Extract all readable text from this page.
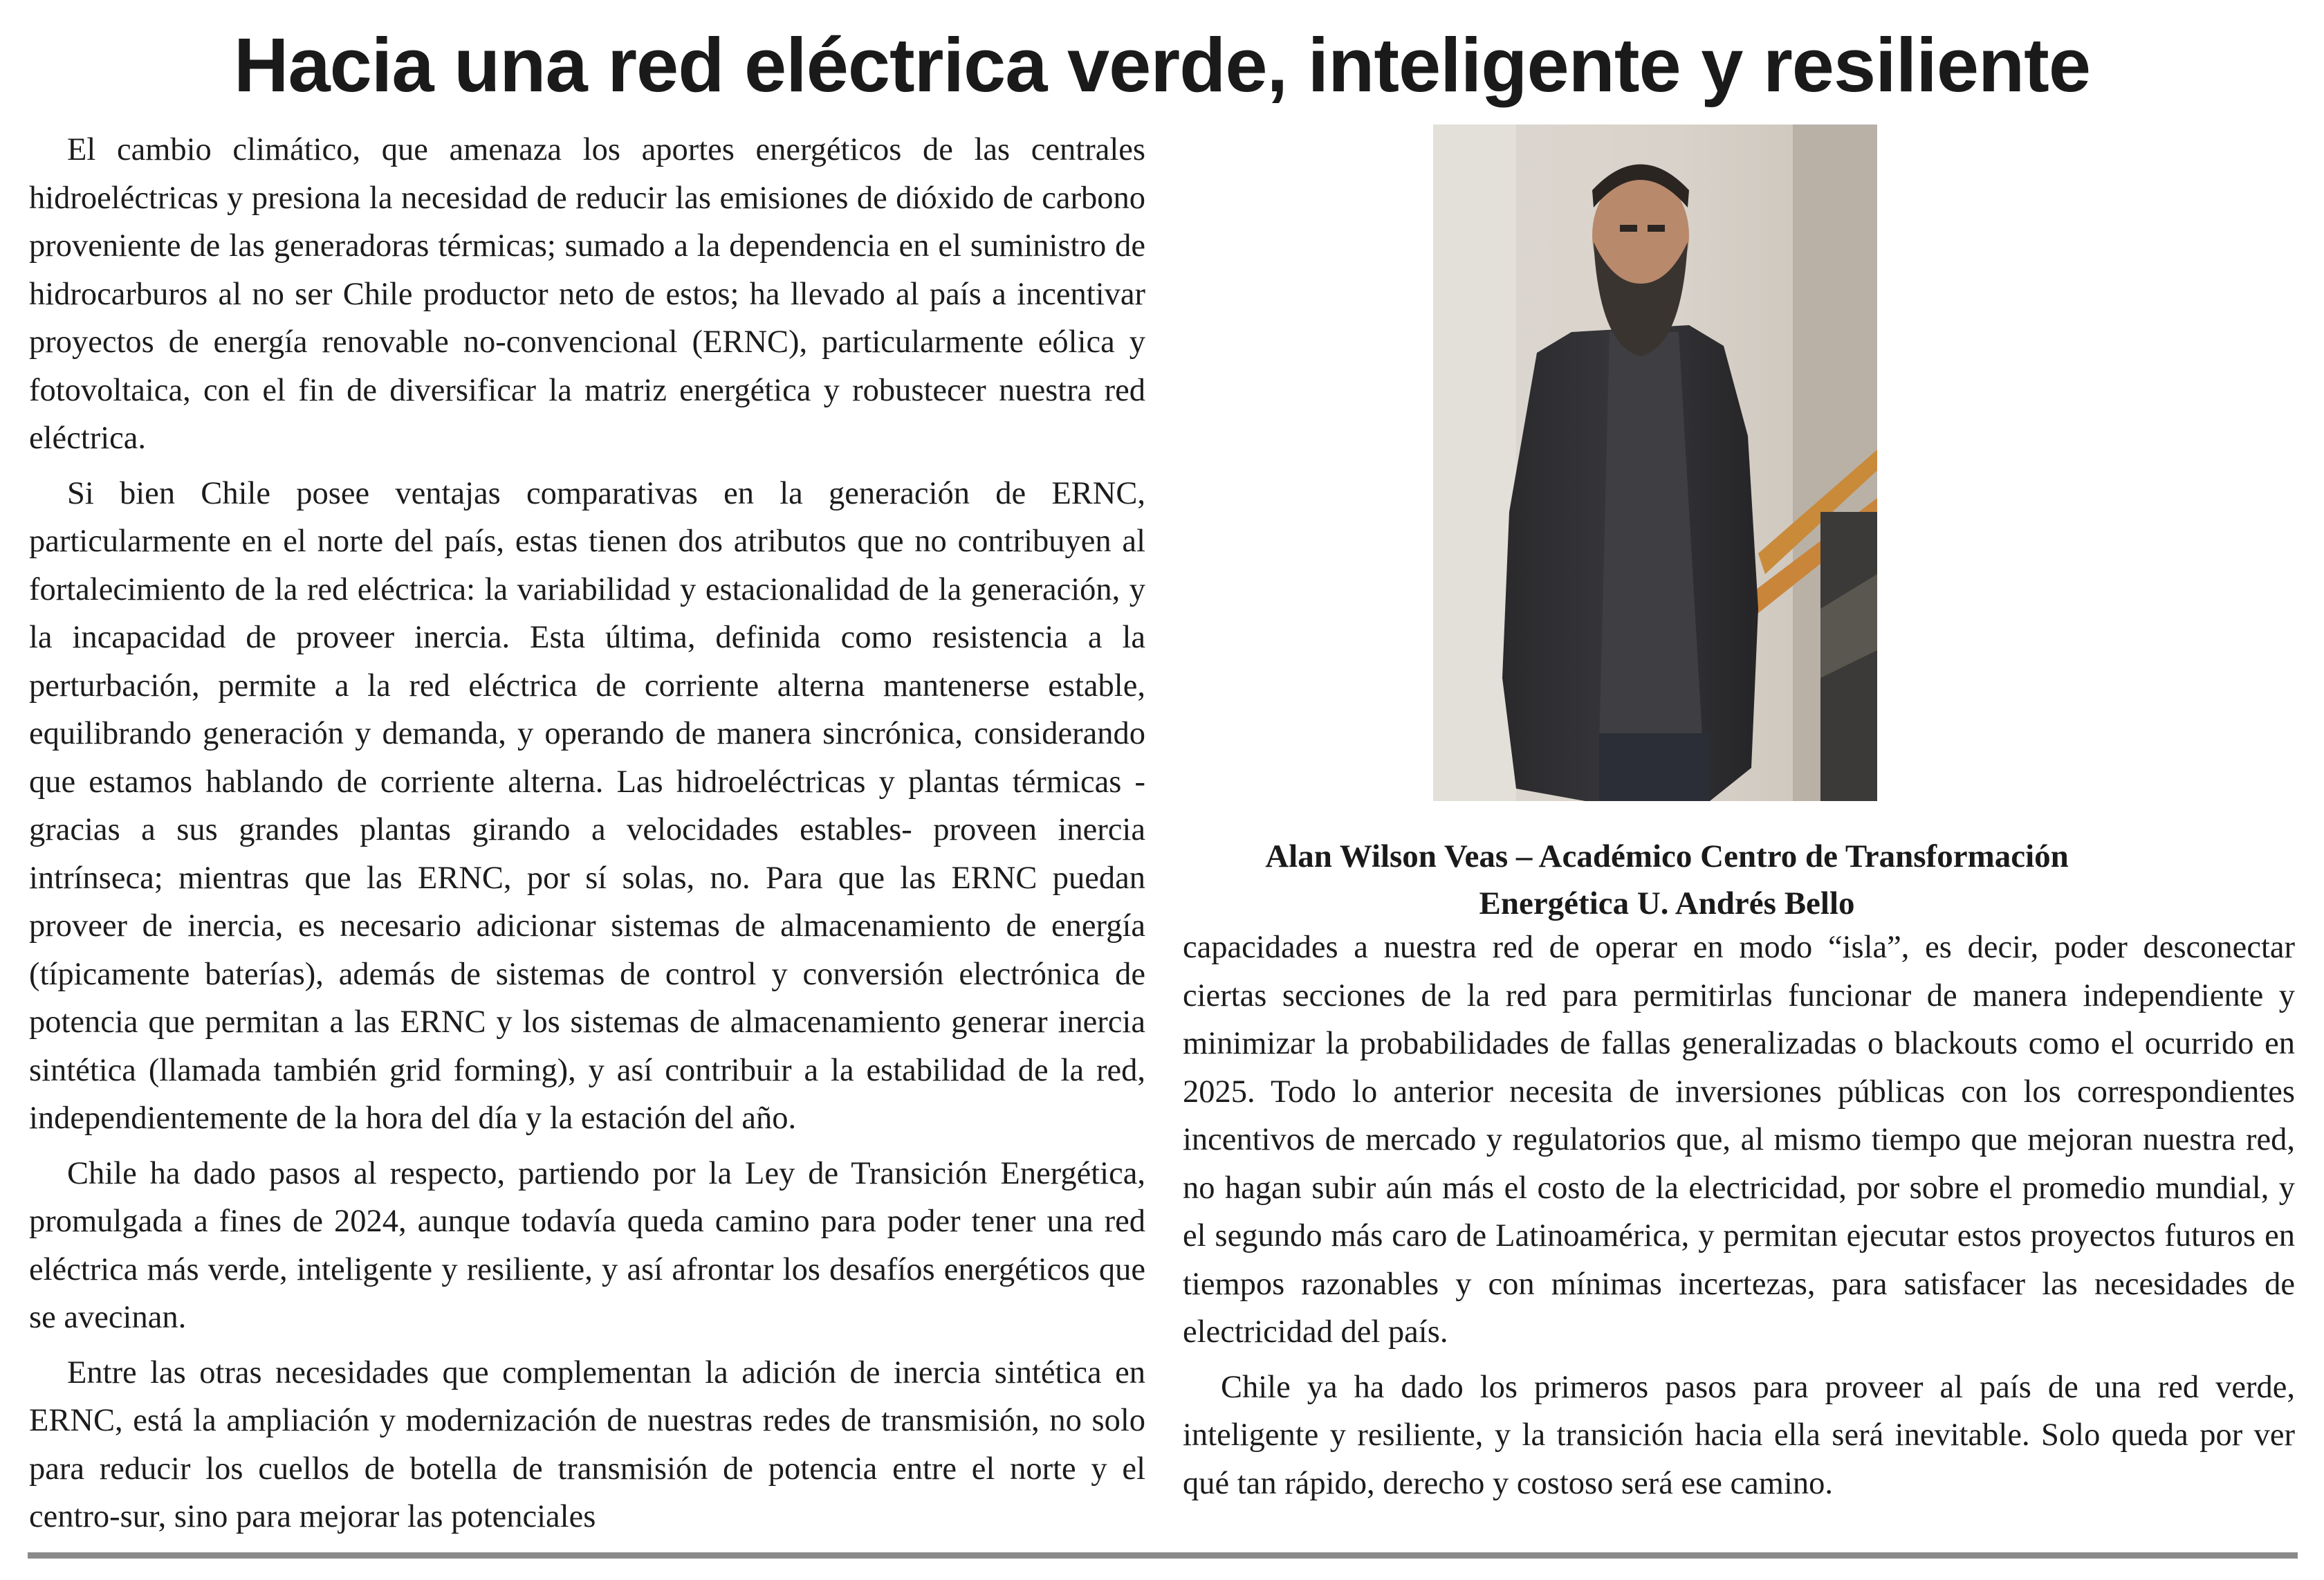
Hacia una red eléctrica verde, inteligente y resiliente

El cambio climático, que amenaza los aportes energéticos de las centrales hidroeléctricas y presiona la necesidad de reducir las emisiones de dióxido de carbono proveniente de las generadoras térmicas; sumado a la dependencia en el suministro de hidrocarburos al no ser Chile productor neto de estos; ha llevado al país a incentivar proyectos de energía renovable no-convencional (ERNC), particularmente eólica y fotovoltaica, con el fin de diversificar la matriz energética y robustecer nuestra red eléctrica.

Si bien Chile posee ventajas comparativas en la generación de ERNC, particularmente en el norte del país, estas tienen dos atributos que no contribuyen al fortalecimiento de la red eléctrica: la variabilidad y estacionalidad de la generación, y la incapacidad de proveer inercia. Esta última, definida como resistencia a la perturbación, permite a la red eléctrica de corriente alterna mantenerse estable, equilibrando generación y demanda, y operando de manera sincrónica, considerando que estamos hablando de corriente alterna. Las hidroeléctricas y plantas térmicas -gracias a sus grandes plantas girando a velocidades estables- proveen inercia intrínseca; mientras que las ERNC, por sí solas, no. Para que las ERNC puedan proveer de inercia, es necesario adicionar sistemas de almacenamiento de energía (típicamente baterías), además de sistemas de control y conversión electrónica de potencia que permitan a las ERNC y los sistemas de almacenamiento generar inercia sintética (llamada también grid forming), y así contribuir a la estabilidad de la red, independientemente de la hora del día y la estación del año.

Chile ha dado pasos al respecto, partiendo por la Ley de Transición Energética, promulgada a fines de 2024, aunque todavía queda camino para poder tener una red eléctrica más verde, inteligente y resiliente, y así afrontar los desafíos energéticos que se avecinan.

Entre las otras necesidades que complementan la adición de inercia sintética en ERNC, está la ampliación y modernización de nuestras redes de transmisión, no solo para reducir los cuellos de botella de transmisión de potencia entre el norte y el centro-sur, sino para mejorar las potenciales

Alan Wilson Veas – Académico Centro de Transformación
Energética U. Andrés Bello

capacidades a nuestra red de operar en modo “isla”, es decir, poder desconectar ciertas secciones de la red para permitirlas funcionar de manera independiente y minimizar la probabilidades de fallas generalizadas o blackouts como el ocurrido en 2025. Todo lo anterior necesita de inversiones públicas con los correspondientes incentivos de mercado y regulatorios que, al mismo tiempo que mejoran nuestra red, no hagan subir aún más el costo de la electricidad, por sobre el promedio mundial, y el segundo más caro de Latinoamérica, y permitan ejecutar estos proyectos futuros en tiempos razonables y con mínimas incertezas, para satisfacer las necesidades de electricidad del país.

Chile ya ha dado los primeros pasos para proveer al país de una red verde, inteligente y resiliente, y la transición hacia ella será inevitable. Solo queda por ver qué tan rápido, derecho y costoso será ese camino.
